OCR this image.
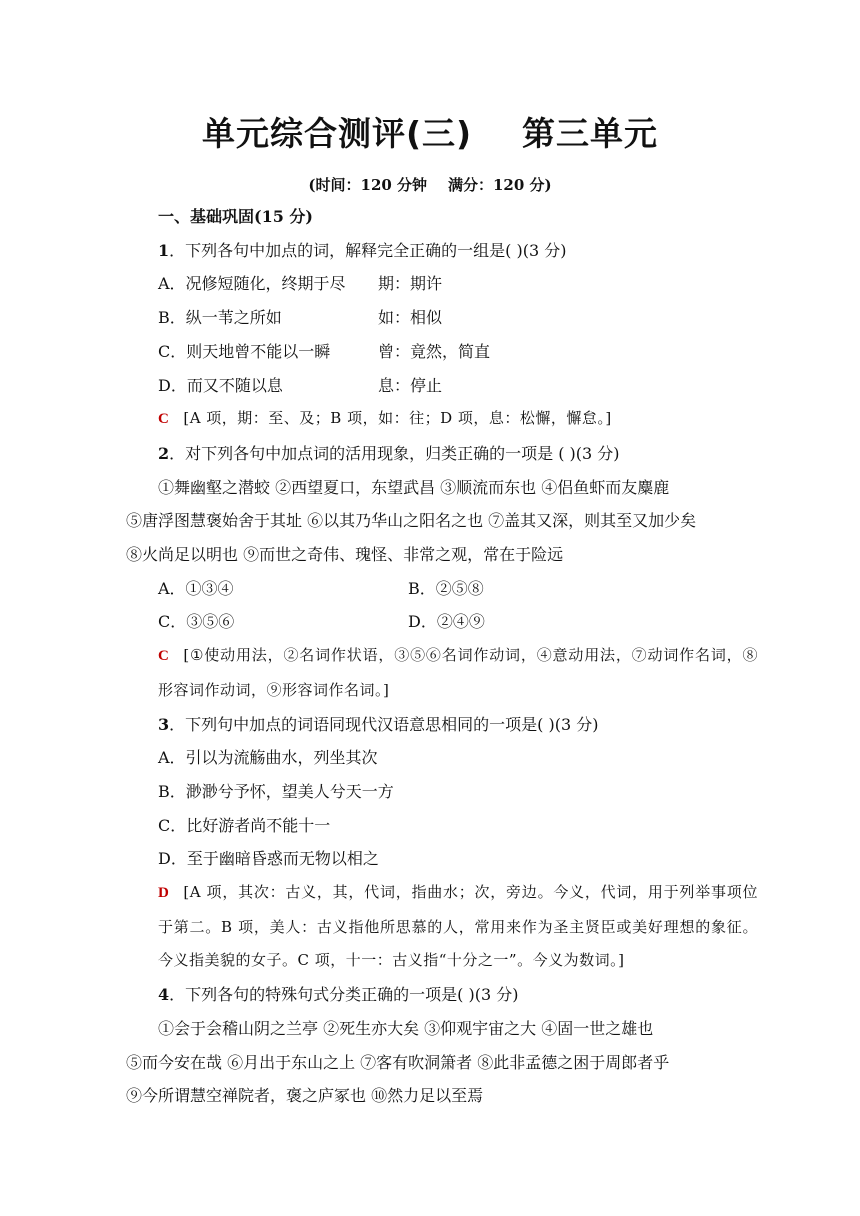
单元综合测评(三)    第三单元
(时间：120 分钟    满分：120 分)
一、基础巩固(15 分)
1．下列各句中加点的词，解释完全正确的一组是( )(3 分)
A．况修短随化，终期于尽	期：期许
B．纵一苇之所如	如：相似
C．则天地曾不能以一瞬	曾：竟然，简直
D．而又不随以息	息：停止
C [A 项，期：至、及；B 项，如：往；D 项，息：松懈，懈怠。]
2．对下列各句中加点词的活用现象，归类正确的一项是 ( )(3 分)
①舞幽壑之潜蛟 ②西望夏口，东望武昌 ③顺流而东也 ④侣鱼虾而友麋鹿
⑤唐浮图慧褒始舍于其址 ⑥以其乃华山之阳名之也 ⑦盖其又深，则其至又加少矣
⑧火尚足以明也 ⑨而世之奇伟、瑰怪、非常之观，常在于险远
A．①③④	B．②⑤⑧
C．③⑤⑥	D．②④⑨
C [①使动用法，②名词作状语，③⑤⑥名词作动词，④意动用法，⑦动词作名词，⑧形容词作动词，⑨形容词作名词。]
3．下列句中加点的词语同现代汉语意思相同的一项是( )(3 分)
A．引以为流觞曲水，列坐其次
B．渺渺兮予怀，望美人兮天一方
C．比好游者尚不能十一
D．至于幽暗昏惑而无物以相之
D [A 项，其次：古义，其，代词，指曲水；次，旁边。今义，代词，用于列举事项位于第二。B 项，美人：古义指他所思慕的人，常用来作为圣主贤臣或美好理想的象征。今义指美貌的女子。C 项，十一：古义指“十分之一”。今义为数词。]
4．下列各句的特殊句式分类正确的一项是( )(3 分)
①会于会稽山阴之兰亭 ②死生亦大矣 ③仰观宇宙之大 ④固一世之雄也
⑤而今安在哉 ⑥月出于东山之上 ⑦客有吹洞箫者 ⑧此非孟德之困于周郎者乎
⑨今所谓慧空禅院者，褒之庐冢也 ⑩然力足以至焉
